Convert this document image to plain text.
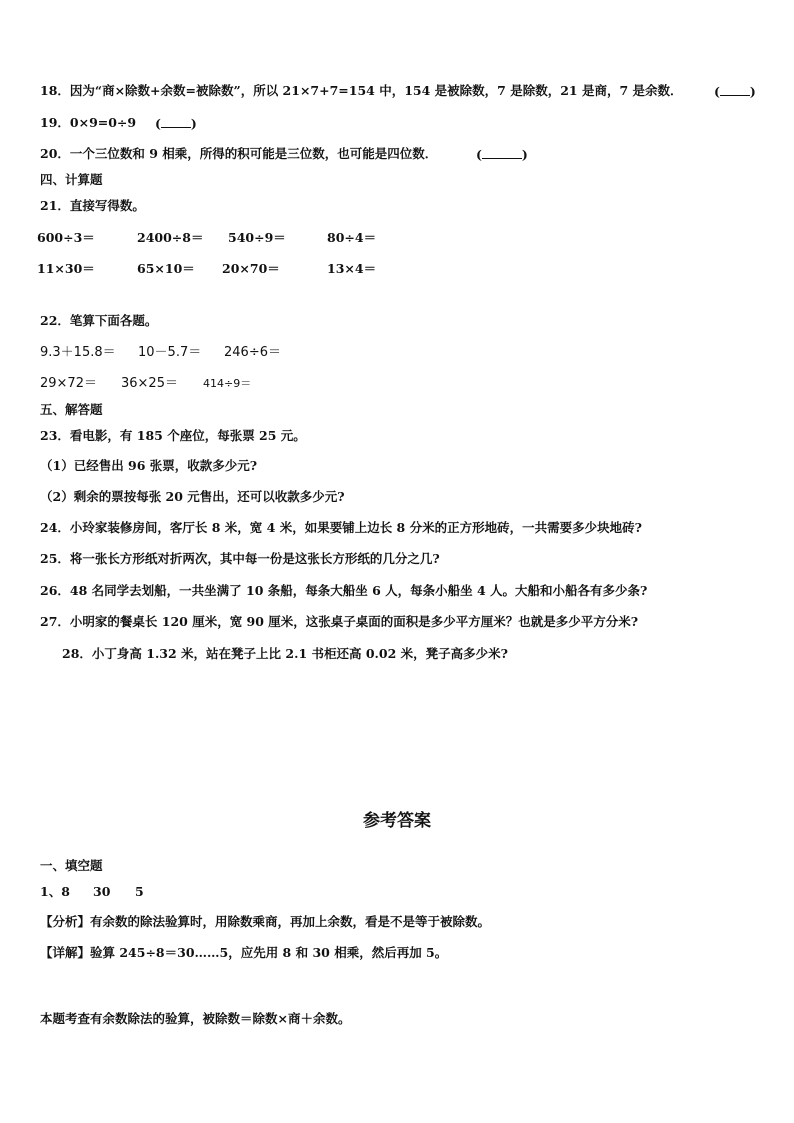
18．因为“商×除数+余数=被除数”，所以 21×7+7=154 中，154 是被除数，7 是除数，21 是商，7 是余数．	( )
19．0×9=0÷9 ( )
20．一个三位数和 9 相乘，所得的积可能是三位数，也可能是四位数．	(	)
四、计算题
21．直接写得数。
600÷3＝	2400÷8＝ 540÷9＝	80÷4＝
11×30＝	65×10＝ 20×70＝	13×4＝
22．笔算下面各题。
9.3＋15.8＝ 10－5.7＝ 246÷6＝
29×72＝ 36×25＝ 414÷9＝
五、解答题
23．看电影，有 185 个座位，每张票 25 元。
（1）已经售出 96 张票，收款多少元?
（2）剩余的票按每张 20 元售出，还可以收款多少元?
24．小玲家装修房间，客厅长 8 米，宽 4 米，如果要铺上边长 8 分米的正方形地砖，一共需要多少块地砖?
25．将一张长方形纸对折两次，其中每一份是这张长方形纸的几分之几?
26．48 名同学去划船，一共坐满了 10 条船，每条大船坐 6 人，每条小船坐 4 人。大船和小船各有多少条?
27．小明家的餐桌长 120 厘米，宽 90 厘米，这张桌子桌面的面积是多少平方厘米？也就是多少平方分米?
28．小丁身高 1.32 米，站在凳子上比 2.1 书柜还高 0.02 米，凳子高多少米?
参考答案
一、填空题
1、8 30 5
【分析】有余数的除法验算时，用除数乘商，再加上余数，看是不是等于被除数。
【详解】验算 245÷8＝30……5，应先用 8 和 30 相乘，然后再加 5。
本题考查有余数除法的验算，被除数＝除数×商＋余数。
